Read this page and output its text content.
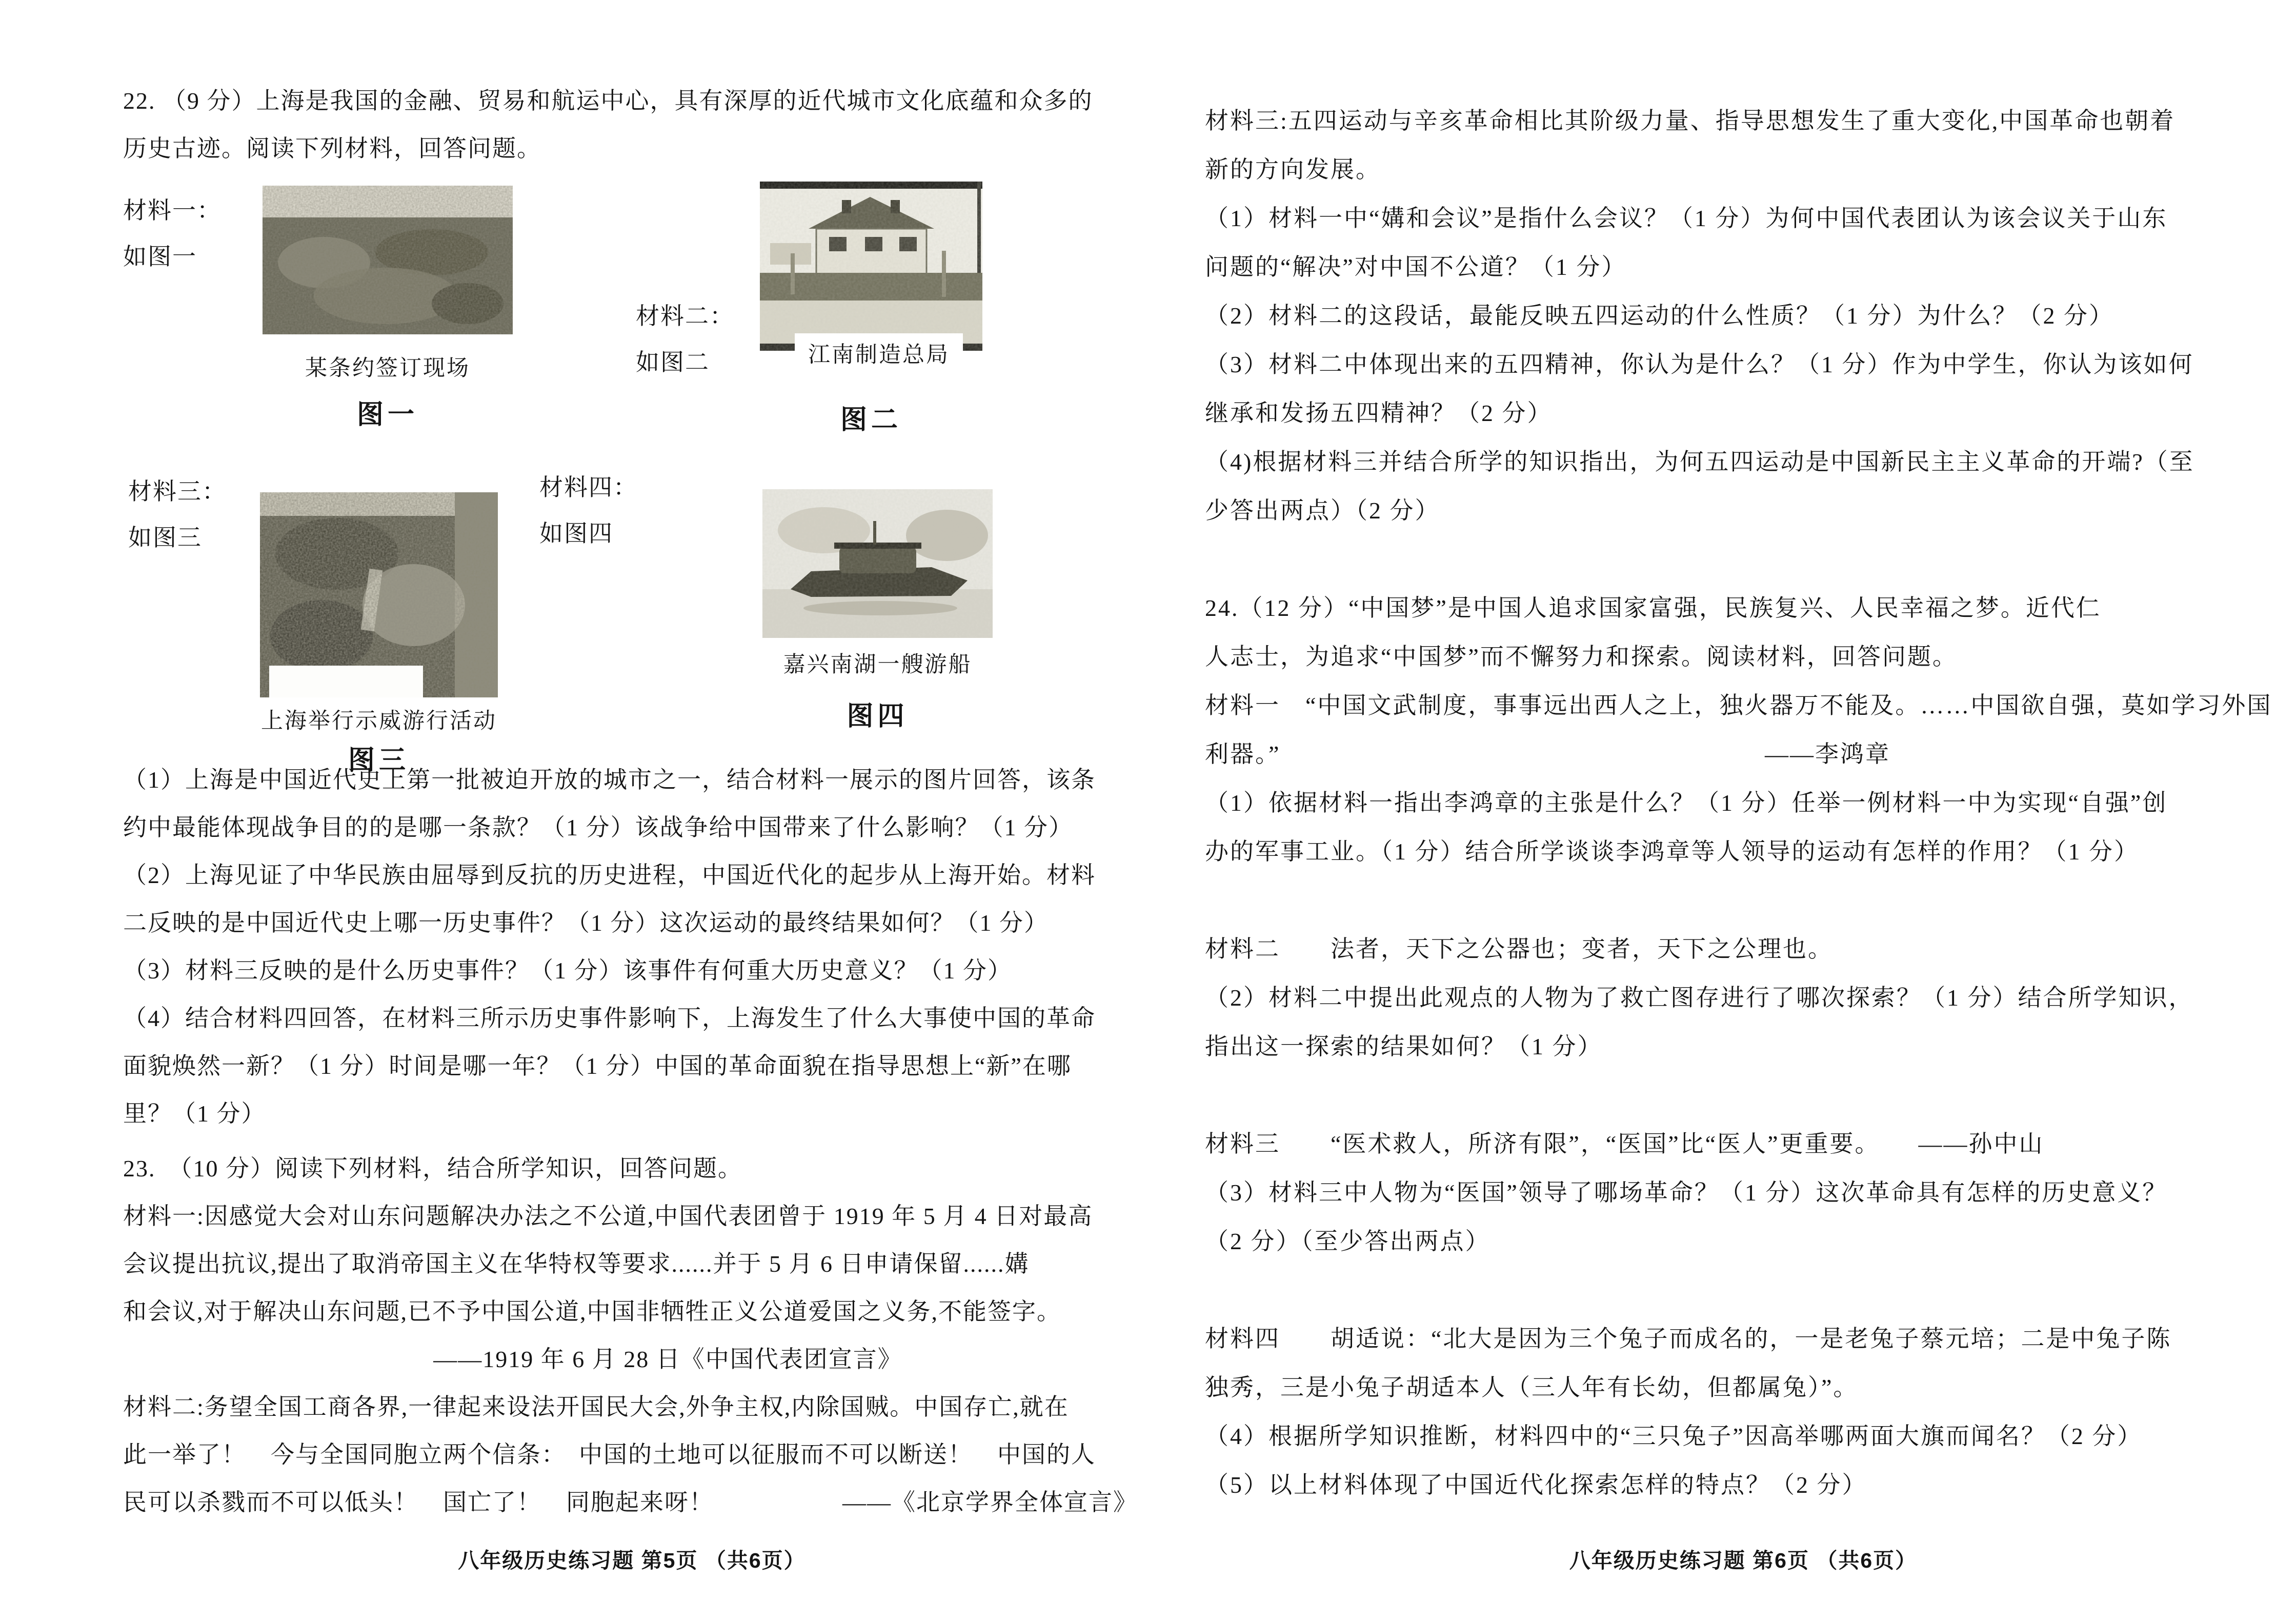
22. （9 分）上海是我国的金融、贸易和航运中心，具有深厚的近代城市文化底蕴和众多的
历史古迹。阅读下列材料，回答问题。
材料一：
如图一
某条约签订现场
图一
材料二：
如图二	江南制造总局
图二
材料三：
如图三
上海举行示威游行活动
图三
材料四：
如图四
嘉兴南湖一艘游船
图四
（1）上海是中国近代史上第一批被迫开放的城市之一，结合材料一展示的图片回答，该条
约中最能体现战争目的的是哪一条款？（1 分）该战争给中国带来了什么影响？（1 分）
（2）上海见证了中华民族由屈辱到反抗的历史进程，中国近代化的起步从上海开始。材料
二反映的是中国近代史上哪一历史事件？（1 分）这次运动的最终结果如何？（1 分）
（3）材料三反映的是什么历史事件？（1 分）该事件有何重大历史意义？（1 分）
（4）结合材料四回答，在材料三所示历史事件影响下，上海发生了什么大事使中国的革命
面貌焕然一新？（1 分）时间是哪一年？（1 分）中国的革命面貌在指导思想上“新”在哪
里？（1 分）
23.　（10 分）阅读下列材料，结合所学知识，回答问题。
材料一:因感觉大会对山东问题解决办法之不公道,中国代表团曾于 1919 年 5 月 4 日对最高
会议提出抗议,提出了取消帝国主义在华特权等要求......并于 5 月 6 日申请保留......媾
和会议,对于解决山东问题,已不予中国公道,中国非牺牲正义公道爱国之义务,不能签字。
——1919 年 6 月 28 日《中国代表团宣言》
——《北京学界全体宣言》
材料二:务望全国工商各界,一律起来设法开国民大会,外争主权,内除国贼。中国存亡,就在
此一举了！　今与全国同胞立两个信条：　中国的土地可以征服而不可以断送！　中国的人
民可以杀戮而不可以低头！　国亡了！　同胞起来呀！
材料三:五四运动与辛亥革命相比其阶级力量、指导思想发生了重大变化,中国革命也朝着
新的方向发展。
（1）材料一中“媾和会议”是指什么会议？（1 分）为何中国代表团认为该会议关于山东
问题的“解决”对中国不公道？（1 分）
（2）材料二的这段话，最能反映五四运动的什么性质？（1 分）为什么？（2 分）
（3）材料二中体现出来的五四精神，你认为是什么？（1 分）作为中学生，你认为该如何
继承和发扬五四精神？（2 分）
（4)根据材料三并结合所学的知识指出，为何五四运动是中国新民主主义革命的开端?（至
少答出两点）（2 分）
24.（12 分）“中国梦”是中国人追求国家富强，民族复兴、人民幸福之梦。近代仁
人志士，为追求“中国梦”而不懈努力和探索。阅读材料，回答问题。
材料一　“中国文武制度，事事远出西人之上，独火器万不能及。……中国欲自强，莫如学习外国
利器。”	——李鸿章
（1）依据材料一指出李鸿章的主张是什么？（1 分）任举一例材料一中为实现“自强”创
办的军事工业。（1 分）结合所学谈谈李鸿章等人领导的运动有怎样的作用？（1 分）
材料二　　法者，天下之公器也；变者，天下之公理也。
（2）材料二中提出此观点的人物为了救亡图存进行了哪次探索？（1 分）结合所学知识，
指出这一探索的结果如何？（1 分）
材料三　　“医术救人，所济有限”，“医国”比“医人”更重要。　　——孙中山
（3）材料三中人物为“医国”领导了哪场革命？（1 分）这次革命具有怎样的历史意义？
（2 分）（至少答出两点）
材料四　　胡适说：“北大是因为三个兔子而成名的，一是老兔子蔡元培；二是中兔子陈
独秀，三是小兔子胡适本人（三人年有长幼，但都属兔）”。
（4）根据所学知识推断，材料四中的“三只兔子”因高举哪两面大旗而闻名？（2 分）
（5）以上材料体现了中国近代化探索怎样的特点？（2 分）
八年级历史练习题 第5页 （共6页）	八年级历史练习题 第6页 （共6页）
